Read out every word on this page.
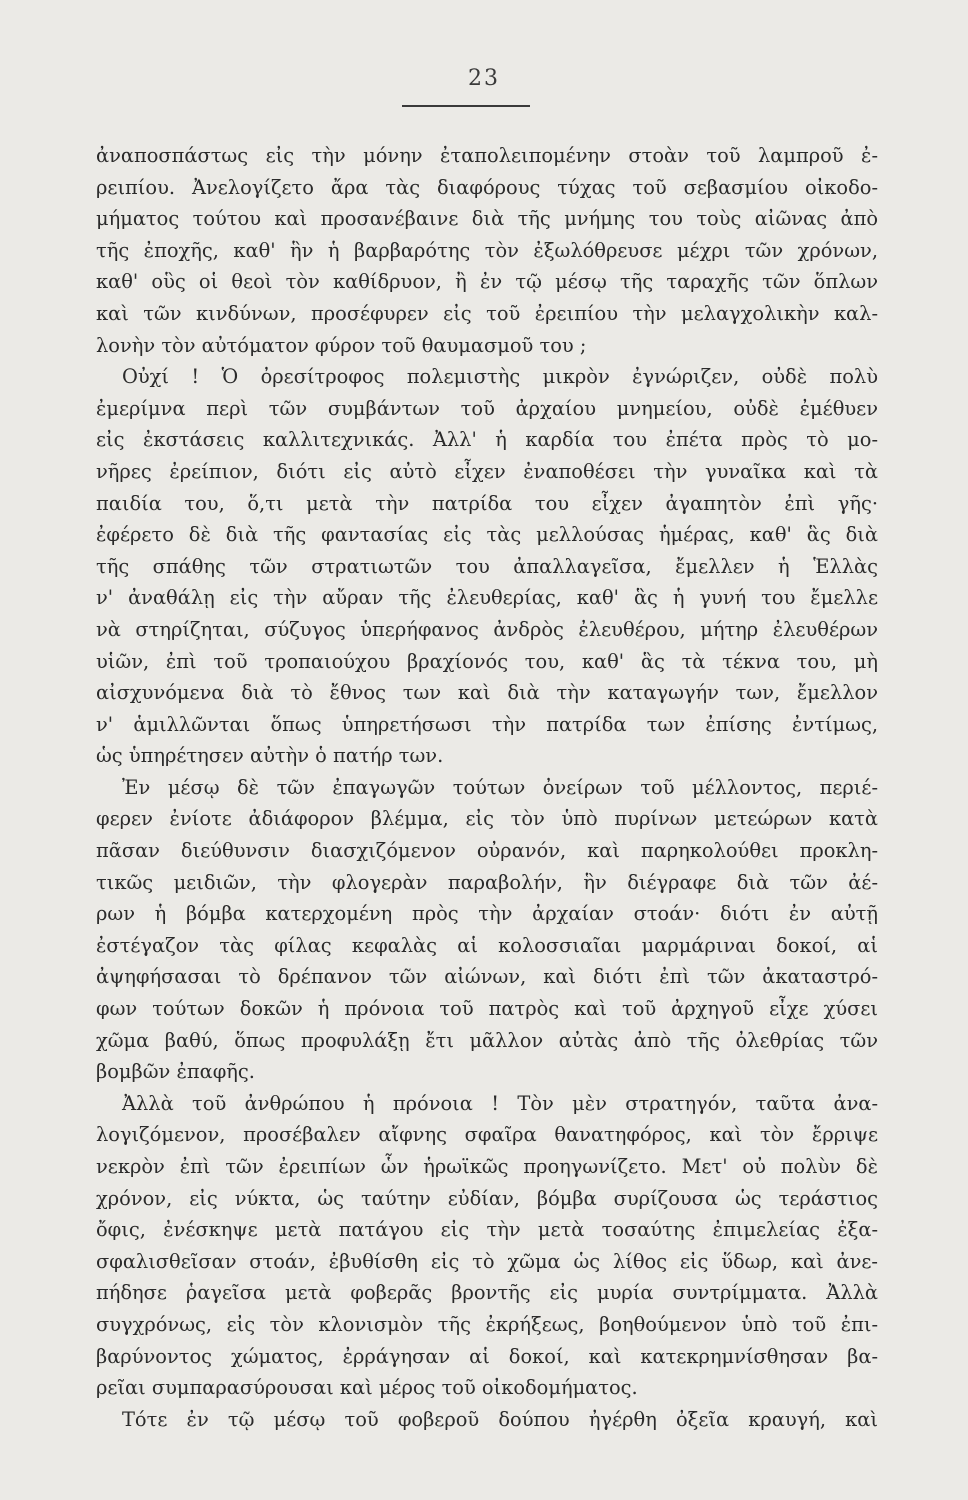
23
ἀναποσπάστως εἰς τὴν μόνην ἐταπολειπομένην στοὰν τοῦ λαμπροῦ ἐ-
ρειπίου. Ἀνελογίζετο ἄρα τὰς διαφόρους τύχας τοῦ σεβασμίου οἰκοδο-
μήματος τούτου καὶ προσανέβαινε διὰ τῆς μνήμης του τοὺς αἰῶνας ἀπὸ
τῆς ἐποχῆς, καθ' ἣν ἡ βαρβαρότης τὸν ἐξωλόθρευσε μέχρι τῶν χρόνων,
καθ' οὓς οἱ θεοὶ τὸν καθίδρυον, ἢ ἐν τῷ μέσῳ τῆς ταραχῆς τῶν ὅπλων
καὶ τῶν κινδύνων, προσέφυρεν εἰς τοῦ ἐρειπίου τὴν μελαγχολικὴν καλ-
λονὴν τὸν αὐτόματον φύρον τοῦ θαυμασμοῦ του ;
Οὐχί ! Ὁ ὀρεσίτροφος πολεμιστὴς μικρὸν ἐγνώριζεν, οὐδὲ πολὺ
ἐμερίμνα περὶ τῶν συμβάντων τοῦ ἀρχαίου μνημείου, οὐδὲ ἐμέθυεν
εἰς ἐκστάσεις καλλιτεχνικάς. Ἀλλ' ἡ καρδία του ἐπέτα πρὸς τὸ μο-
νῆρες ἐρείπιον, διότι εἰς αὐτὸ εἶχεν ἐναποθέσει τὴν γυναῖκα καὶ τὰ
παιδία του, ὅ,τι μετὰ τὴν πατρίδα του εἶχεν ἀγαπητὸν ἐπὶ γῆς·
ἐφέρετο δὲ διὰ τῆς φαντασίας εἰς τὰς μελλούσας ἡμέρας, καθ' ἃς διὰ
τῆς σπάθης τῶν στρατιωτῶν του ἀπαλλαγεῖσα, ἔμελλεν ἡ Ἑλλὰς
ν' ἀναθάλῃ εἰς τὴν αὔραν τῆς ἐλευθερίας, καθ' ἃς ἡ γυνή του ἔμελλε
νὰ στηρίζηται, σύζυγος ὑπερήφανος ἀνδρὸς ἐλευθέρου, μήτηρ ἐλευθέρων
υἱῶν, ἐπὶ τοῦ τροπαιούχου βραχίονός του, καθ' ἃς τὰ τέκνα του, μὴ
αἰσχυνόμενα διὰ τὸ ἔθνος των καὶ διὰ τὴν καταγωγήν των, ἔμελλον
ν' ἁμιλλῶνται ὅπως ὑπηρετήσωσι τὴν πατρίδα των ἐπίσης ἐντίμως,
ὡς ὑπηρέτησεν αὐτὴν ὁ πατήρ των.
Ἐν μέσῳ δὲ τῶν ἐπαγωγῶν τούτων ὀνείρων τοῦ μέλλοντος, περιέ-
φερεν ἐνίοτε ἀδιάφορον βλέμμα, εἰς τὸν ὑπὸ πυρίνων μετεώρων κατὰ
πᾶσαν διεύθυνσιν διασχιζόμενον οὐρανόν, καὶ παρηκολούθει προκλη-
τικῶς μειδιῶν, τὴν φλογερὰν παραβολήν, ἣν διέγραφε διὰ τῶν ἀέ-
ρων ἡ βόμβα κατερχομένη πρὸς τὴν ἀρχαίαν στοάν· διότι ἐν αὐτῇ
ἐστέγαζον τὰς φίλας κεφαλὰς αἱ κολοσσιαῖαι μαρμάριναι δοκοί, αἱ
ἀψηφήσασαι τὸ δρέπανον τῶν αἰώνων, καὶ διότι ἐπὶ τῶν ἀκαταστρό-
φων τούτων δοκῶν ἡ πρόνοια τοῦ πατρὸς καὶ τοῦ ἀρχηγοῦ εἶχε χύσει
χῶμα βαθύ, ὅπως προφυλάξῃ ἔτι μᾶλλον αὐτὰς ἀπὸ τῆς ὀλεθρίας τῶν
βομβῶν ἐπαφῆς.
Ἀλλὰ τοῦ ἀνθρώπου ἡ πρόνοια ! Τὸν μὲν στρατηγόν, ταῦτα ἀνα-
λογιζόμενον, προσέβαλεν αἴφνης σφαῖρα θανατηφόρος, καὶ τὸν ἔρριψε
νεκρὸν ἐπὶ τῶν ἐρειπίων ὧν ἡρωϊκῶς προηγωνίζετο. Μετ' οὐ πολὺν δὲ
χρόνον, εἰς νύκτα, ὡς ταύτην εὐδίαν, βόμβα συρίζουσα ὡς τεράστιος
ὄφις, ἐνέσκηψε μετὰ πατάγου εἰς τὴν μετὰ τοσαύτης ἐπιμελείας ἐξα-
σφαλισθεῖσαν στοάν, ἐβυθίσθη εἰς τὸ χῶμα ὡς λίθος εἰς ὕδωρ, καὶ ἀνε-
πήδησε ῥαγεῖσα μετὰ φοβερᾶς βροντῆς εἰς μυρία συντρίμματα. Ἀλλὰ
συγχρόνως, εἰς τὸν κλονισμὸν τῆς ἐκρήξεως, βοηθούμενον ὑπὸ τοῦ ἐπι-
βαρύνοντος χώματος, ἐρράγησαν αἱ δοκοί, καὶ κατεκρημνίσθησαν βα-
ρεῖαι συμπαρασύρουσαι καὶ μέρος τοῦ οἰκοδομήματος.
Τότε ἐν τῷ μέσῳ τοῦ φοβεροῦ δούπου ἠγέρθη ὀξεῖα κραυγή, καὶ
